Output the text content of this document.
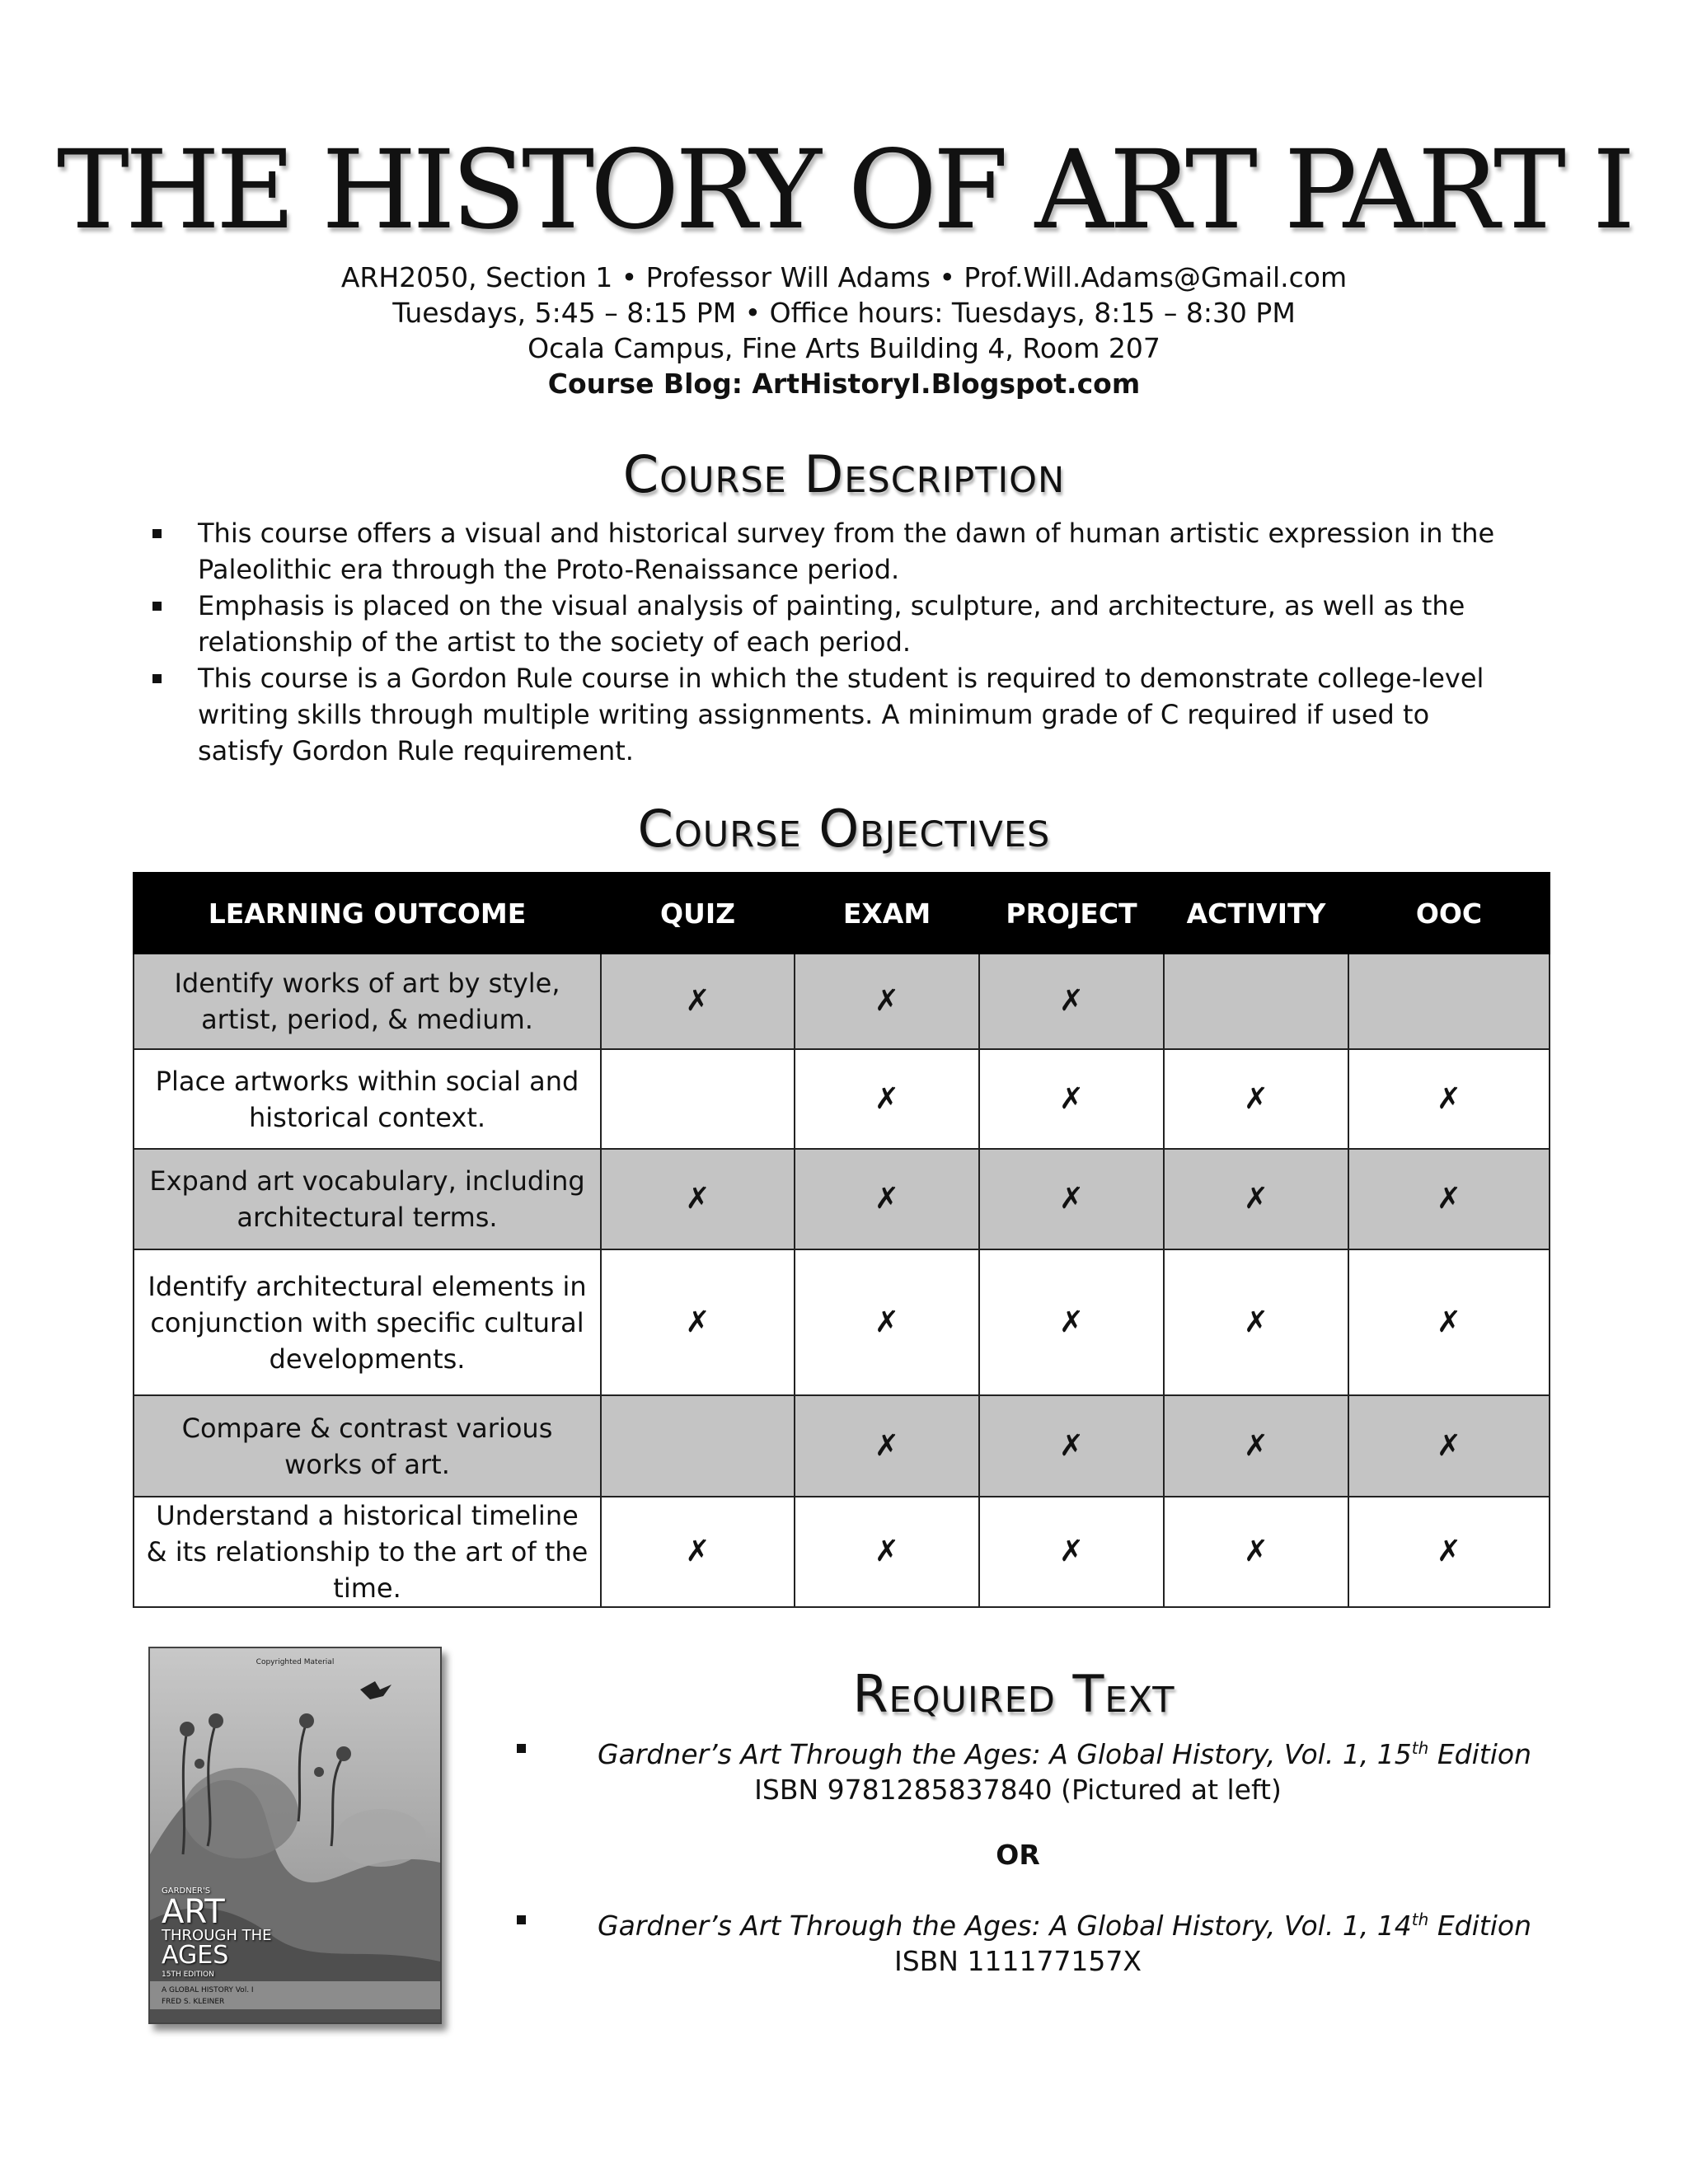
THE HISTORY OF ART PART I
ARH2050, Section 1 • Professor Will Adams • Prof.Will.Adams@Gmail.com
Tuesdays, 5:45 – 8:15 PM • Office hours: Tuesdays, 8:15 – 8:30 PM
Ocala Campus, Fine Arts Building 4, Room 207
Course Blog: ArtHistoryI.Blogspot.com
Course Description
This course offers a visual and historical survey from the dawn of human artistic expression in the Paleolithic era through the Proto-Renaissance period.
Emphasis is placed on the visual analysis of painting, sculpture, and architecture, as well as the relationship of the artist to the society of each period.
This course is a Gordon Rule course in which the student is required to demonstrate college-level writing skills through multiple writing assignments. A minimum grade of C required if used to satisfy Gordon Rule requirement.
Course Objectives
LEARNING OUTCOME	QUIZ	EXAM	PROJECT	ACTIVITY	OOC
Identify works of art by style, artist, period, & medium.	✗	✗	✗		
Place artworks within social and historical context.		✗	✗	✗	✗
Expand art vocabulary, including architectural terms.	✗	✗	✗	✗	✗
Identify architectural elements in conjunction with specific cultural developments.	✗	✗	✗	✗	✗
Compare & contrast various works of art.		✗	✗	✗	✗
Understand a historical timeline & its relationship to the art of the time.	✗	✗	✗	✗	✗
Copyrighted Material
GARDNER'S
ART
THROUGH THE
AGES
15TH EDITION
A GLOBAL HISTORY Vol. I
FRED S. KLEINER
Required Text
Gardner’s Art Through the Ages: A Global History, Vol. 1, 15th Edition
ISBN 9781285837840 (Pictured at left)
OR
Gardner’s Art Through the Ages: A Global History, Vol. 1, 14th Edition
ISBN 111177157X
